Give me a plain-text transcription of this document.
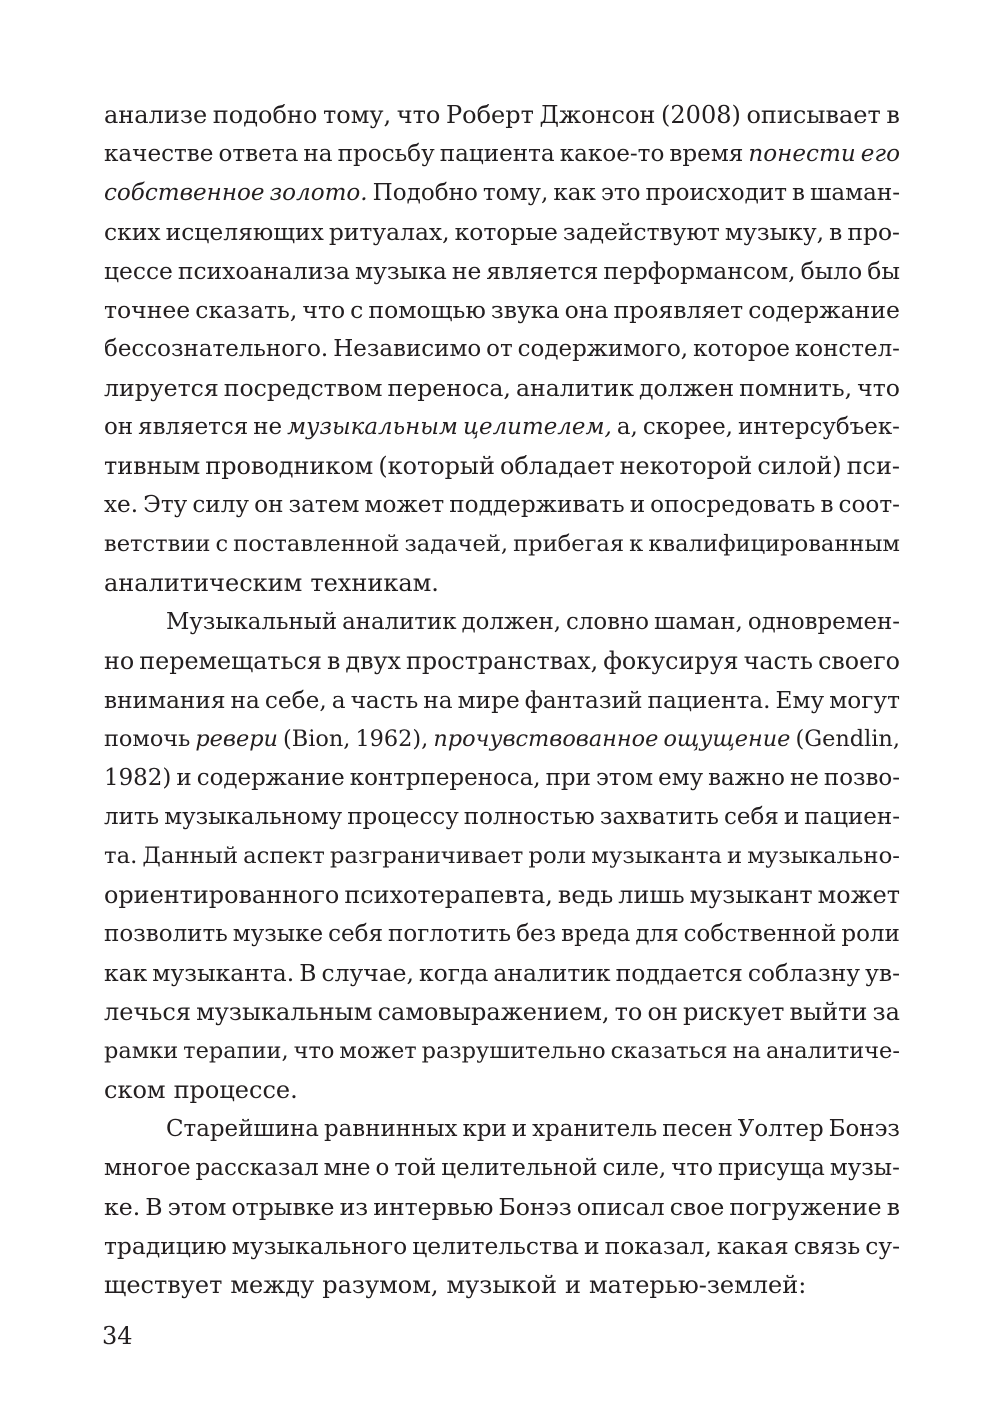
анализе подобно тому, что Роберт Джонсон (2008) описывает в
качестве ответа на просьбу пациента какое-то время понести его
собственное золото. Подобно тому, как это происходит в шаман-
ских исцеляющих ритуалах, которые задействуют музыку, в про-
цессе психоанализа музыка не является перформансом, было бы
точнее сказать, что с помощью звука она проявляет содержание
бессознательного. Независимо от содержимого, которое констел-
лируется посредством переноса, аналитик должен помнить, что
он является не музыкальным целителем, а, скорее, интерсубъек-
тивным проводником (который обладает некоторой силой) пси-
хе. Эту силу он затем может поддерживать и опосредовать в соот-
ветствии с поставленной задачей, прибегая к квалифицированным
аналитическим техникам.
Музыкальный аналитик должен, словно шаман, одновремен-
но перемещаться в двух пространствах, фокусируя часть своего
внимания на себе, а часть на мире фантазий пациента. Ему могут
помочь ревери (Bion, 1962), прочувствованное ощущение (Gendlin,
1982) и содержание контрпереноса, при этом ему важно не позво-
лить музыкальному процессу полностью захватить себя и пациен-
та. Данный аспект разграничивает роли музыканта и музыкально-
ориентированного психотерапевта, ведь лишь музыкант может
позволить музыке себя поглотить без вреда для собственной роли
как музыканта. В случае, когда аналитик поддается соблазну ув-
лечься музыкальным самовыражением, то он рискует выйти за
рамки терапии, что может разрушительно сказаться на аналитиче-
ском процессе.
Старейшина равнинных кри и хранитель песен Уолтер Бонэз
многое рассказал мне о той целительной силе, что присуща музы-
ке. В этом отрывке из интервью Бонэз описал свое погружение в
традицию музыкального целительства и показал, какая связь су-
ществует между разумом, музыкой и матерью-землей:
34
